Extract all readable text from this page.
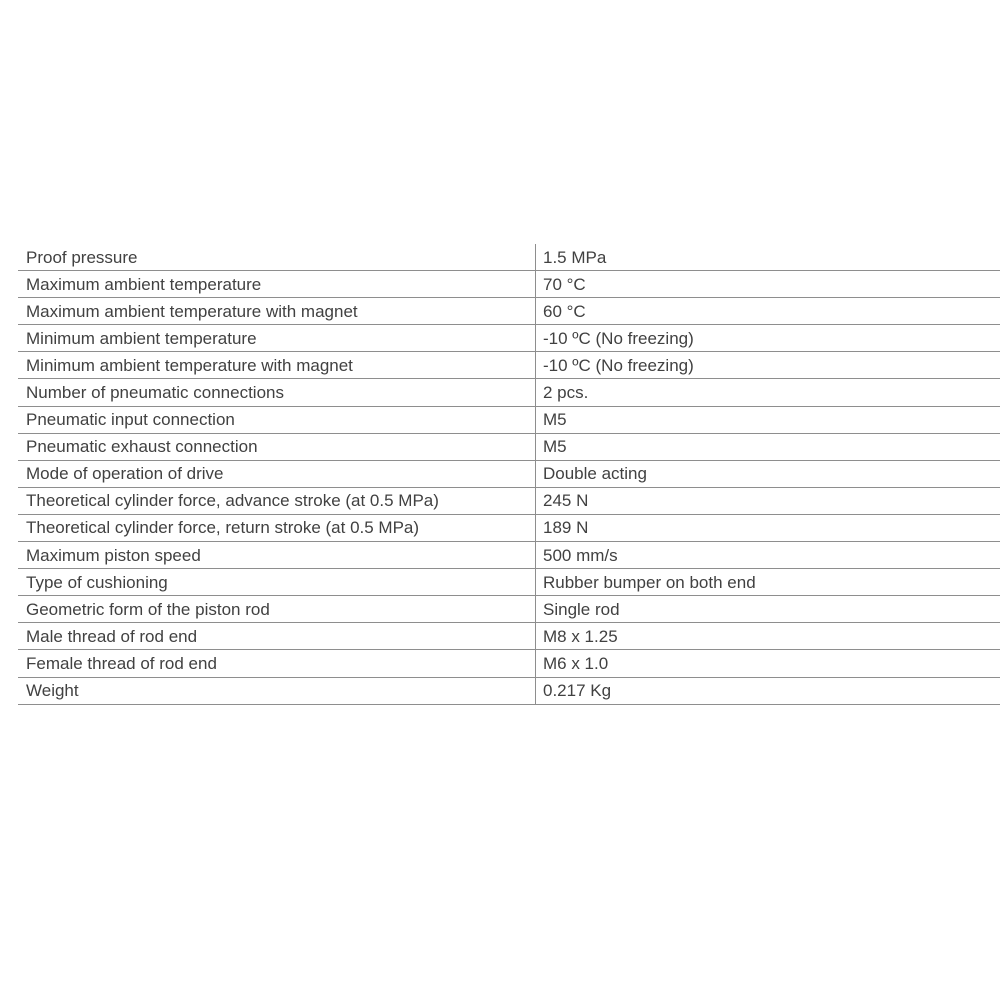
Proof pressure	1.5 MPa
Maximum ambient temperature	70 °C
Maximum ambient temperature with magnet	60 °C
Minimum ambient temperature	-10 ºC (No freezing)
Minimum ambient temperature with magnet	-10 ºC (No freezing)
Number of pneumatic connections	2 pcs.
Pneumatic input connection	M5
Pneumatic exhaust connection	M5
Mode of operation of drive	Double acting
Theoretical cylinder force, advance stroke (at 0.5 MPa)	245 N
Theoretical cylinder force, return stroke (at 0.5 MPa)	189 N
Maximum piston speed	500 mm/s
Type of cushioning	Rubber bumper on both end
Geometric form of the piston rod	Single rod
Male thread of rod end	M8 x 1.25
Female thread of rod end	M6 x 1.0
Weight	0.217 Kg
